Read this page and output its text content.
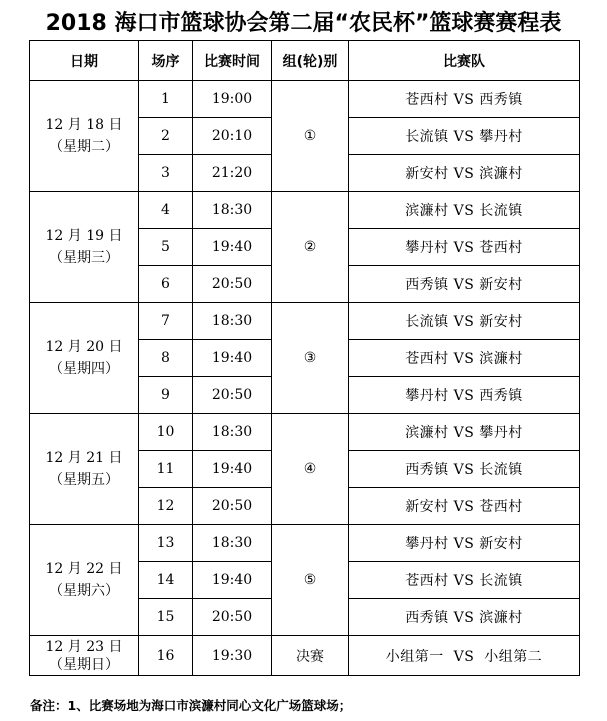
2018 海口市篮球协会第二届“农民杯”篮球赛赛程表
日期	场序	比赛时间	组(轮)别	比赛队

12 月 18 日
（星期二）	1	19:00	①	苍西村 VS 西秀镇
	2	20:10		长流镇 VS 攀丹村
	3	21:20		新安村 VS 滨濂村

12 月 19 日
（星期三）	4	18:30	②	滨濂村 VS 长流镇
	5	19:40		攀丹村 VS 苍西村
	6	20:50		西秀镇 VS 新安村

12 月 20 日
（星期四）	7	18:30	③	长流镇 VS 新安村
	8	19:40		苍西村 VS 滨濂村
	9	20:50		攀丹村 VS 西秀镇

12 月 21 日
（星期五）	10	18:30	④	滨濂村 VS 攀丹村
	11	19:40		西秀镇 VS 长流镇
	12	20:50		新安村 VS 苍西村

12 月 22 日
（星期六）	13	18:30	⑤	攀丹村 VS 新安村
	14	19:40		苍西村 VS 长流镇
	15	20:50		西秀镇 VS 滨濂村

12 月 23 日
（星期日）	16	19:30	决赛	小组第一  VS  小组第二
备注：1、比赛场地为海口市滨濂村同心文化广场篮球场；
